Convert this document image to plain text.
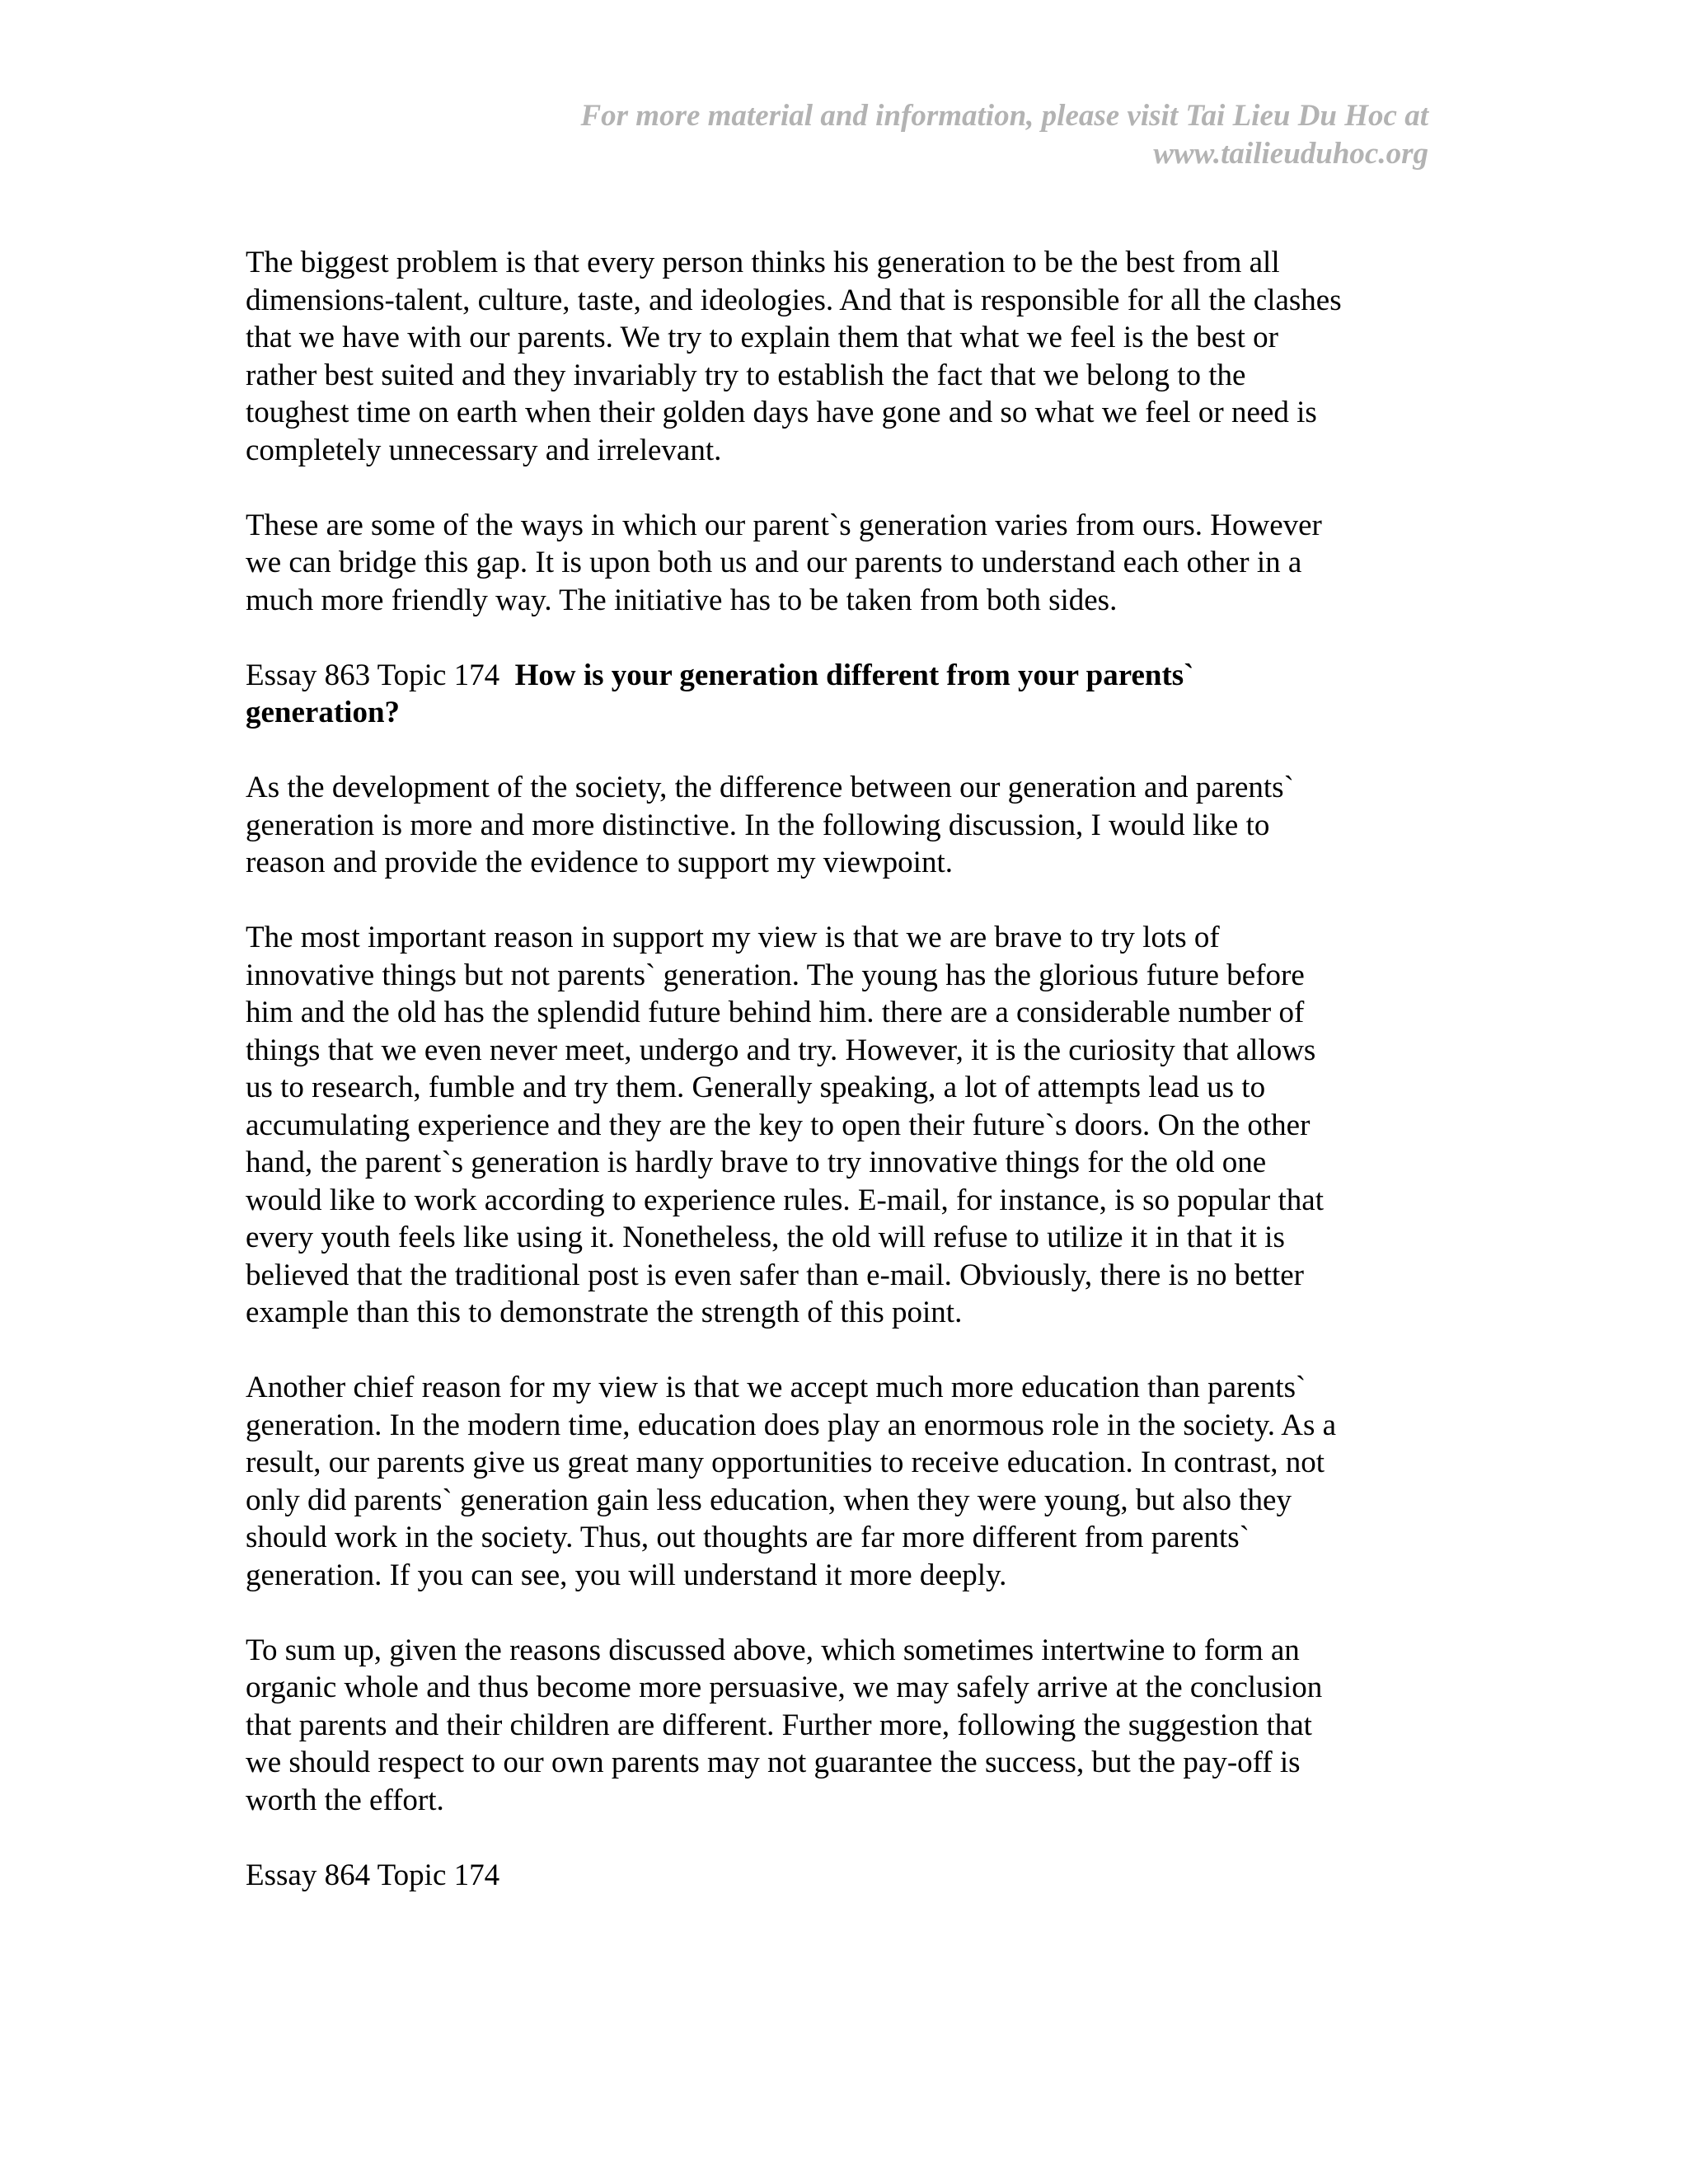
For more material and information, please visit Tai Lieu Du Hoc at
www.tailieuduhoc.org

The biggest problem is that every person thinks his generation to be the best from all
dimensions-talent, culture, taste, and ideologies. And that is responsible for all the clashes
that we have with our parents. We try to explain them that what we feel is the best or
rather best suited and they invariably try to establish the fact that we belong to the
toughest time on earth when their golden days have gone and so what we feel or need is
completely unnecessary and irrelevant.

These are some of the ways in which our parent`s generation varies from ours. However
we can bridge this gap. It is upon both us and our parents to understand each other in a
much more friendly way. The initiative has to be taken from both sides.

Essay 863 Topic 174 How is your generation different from your parents`
generation?

As the development of the society, the difference between our generation and parents`
generation is more and more distinctive. In the following discussion, I would like to
reason and provide the evidence to support my viewpoint.

The most important reason in support my view is that we are brave to try lots of
innovative things but not parents` generation. The young has the glorious future before
him and the old has the splendid future behind him. there are a considerable number of
things that we even never meet, undergo and try. However, it is the curiosity that allows
us to research, fumble and try them. Generally speaking, a lot of attempts lead us to
accumulating experience and they are the key to open their future`s doors. On the other
hand, the parent`s generation is hardly brave to try innovative things for the old one
would like to work according to experience rules. E-mail, for instance, is so popular that
every youth feels like using it. Nonetheless, the old will refuse to utilize it in that it is
believed that the traditional post is even safer than e-mail. Obviously, there is no better
example than this to demonstrate the strength of this point.

Another chief reason for my view is that we accept much more education than parents`
generation. In the modern time, education does play an enormous role in the society. As a
result, our parents give us great many opportunities to receive education. In contrast, not
only did parents` generation gain less education, when they were young, but also they
should work in the society. Thus, out thoughts are far more different from parents`
generation. If you can see, you will understand it more deeply.

To sum up, given the reasons discussed above, which sometimes intertwine to form an
organic whole and thus become more persuasive, we may safely arrive at the conclusion
that parents and their children are different. Further more, following the suggestion that
we should respect to our own parents may not guarantee the success, but the pay-off is
worth the effort.

Essay 864 Topic 174
